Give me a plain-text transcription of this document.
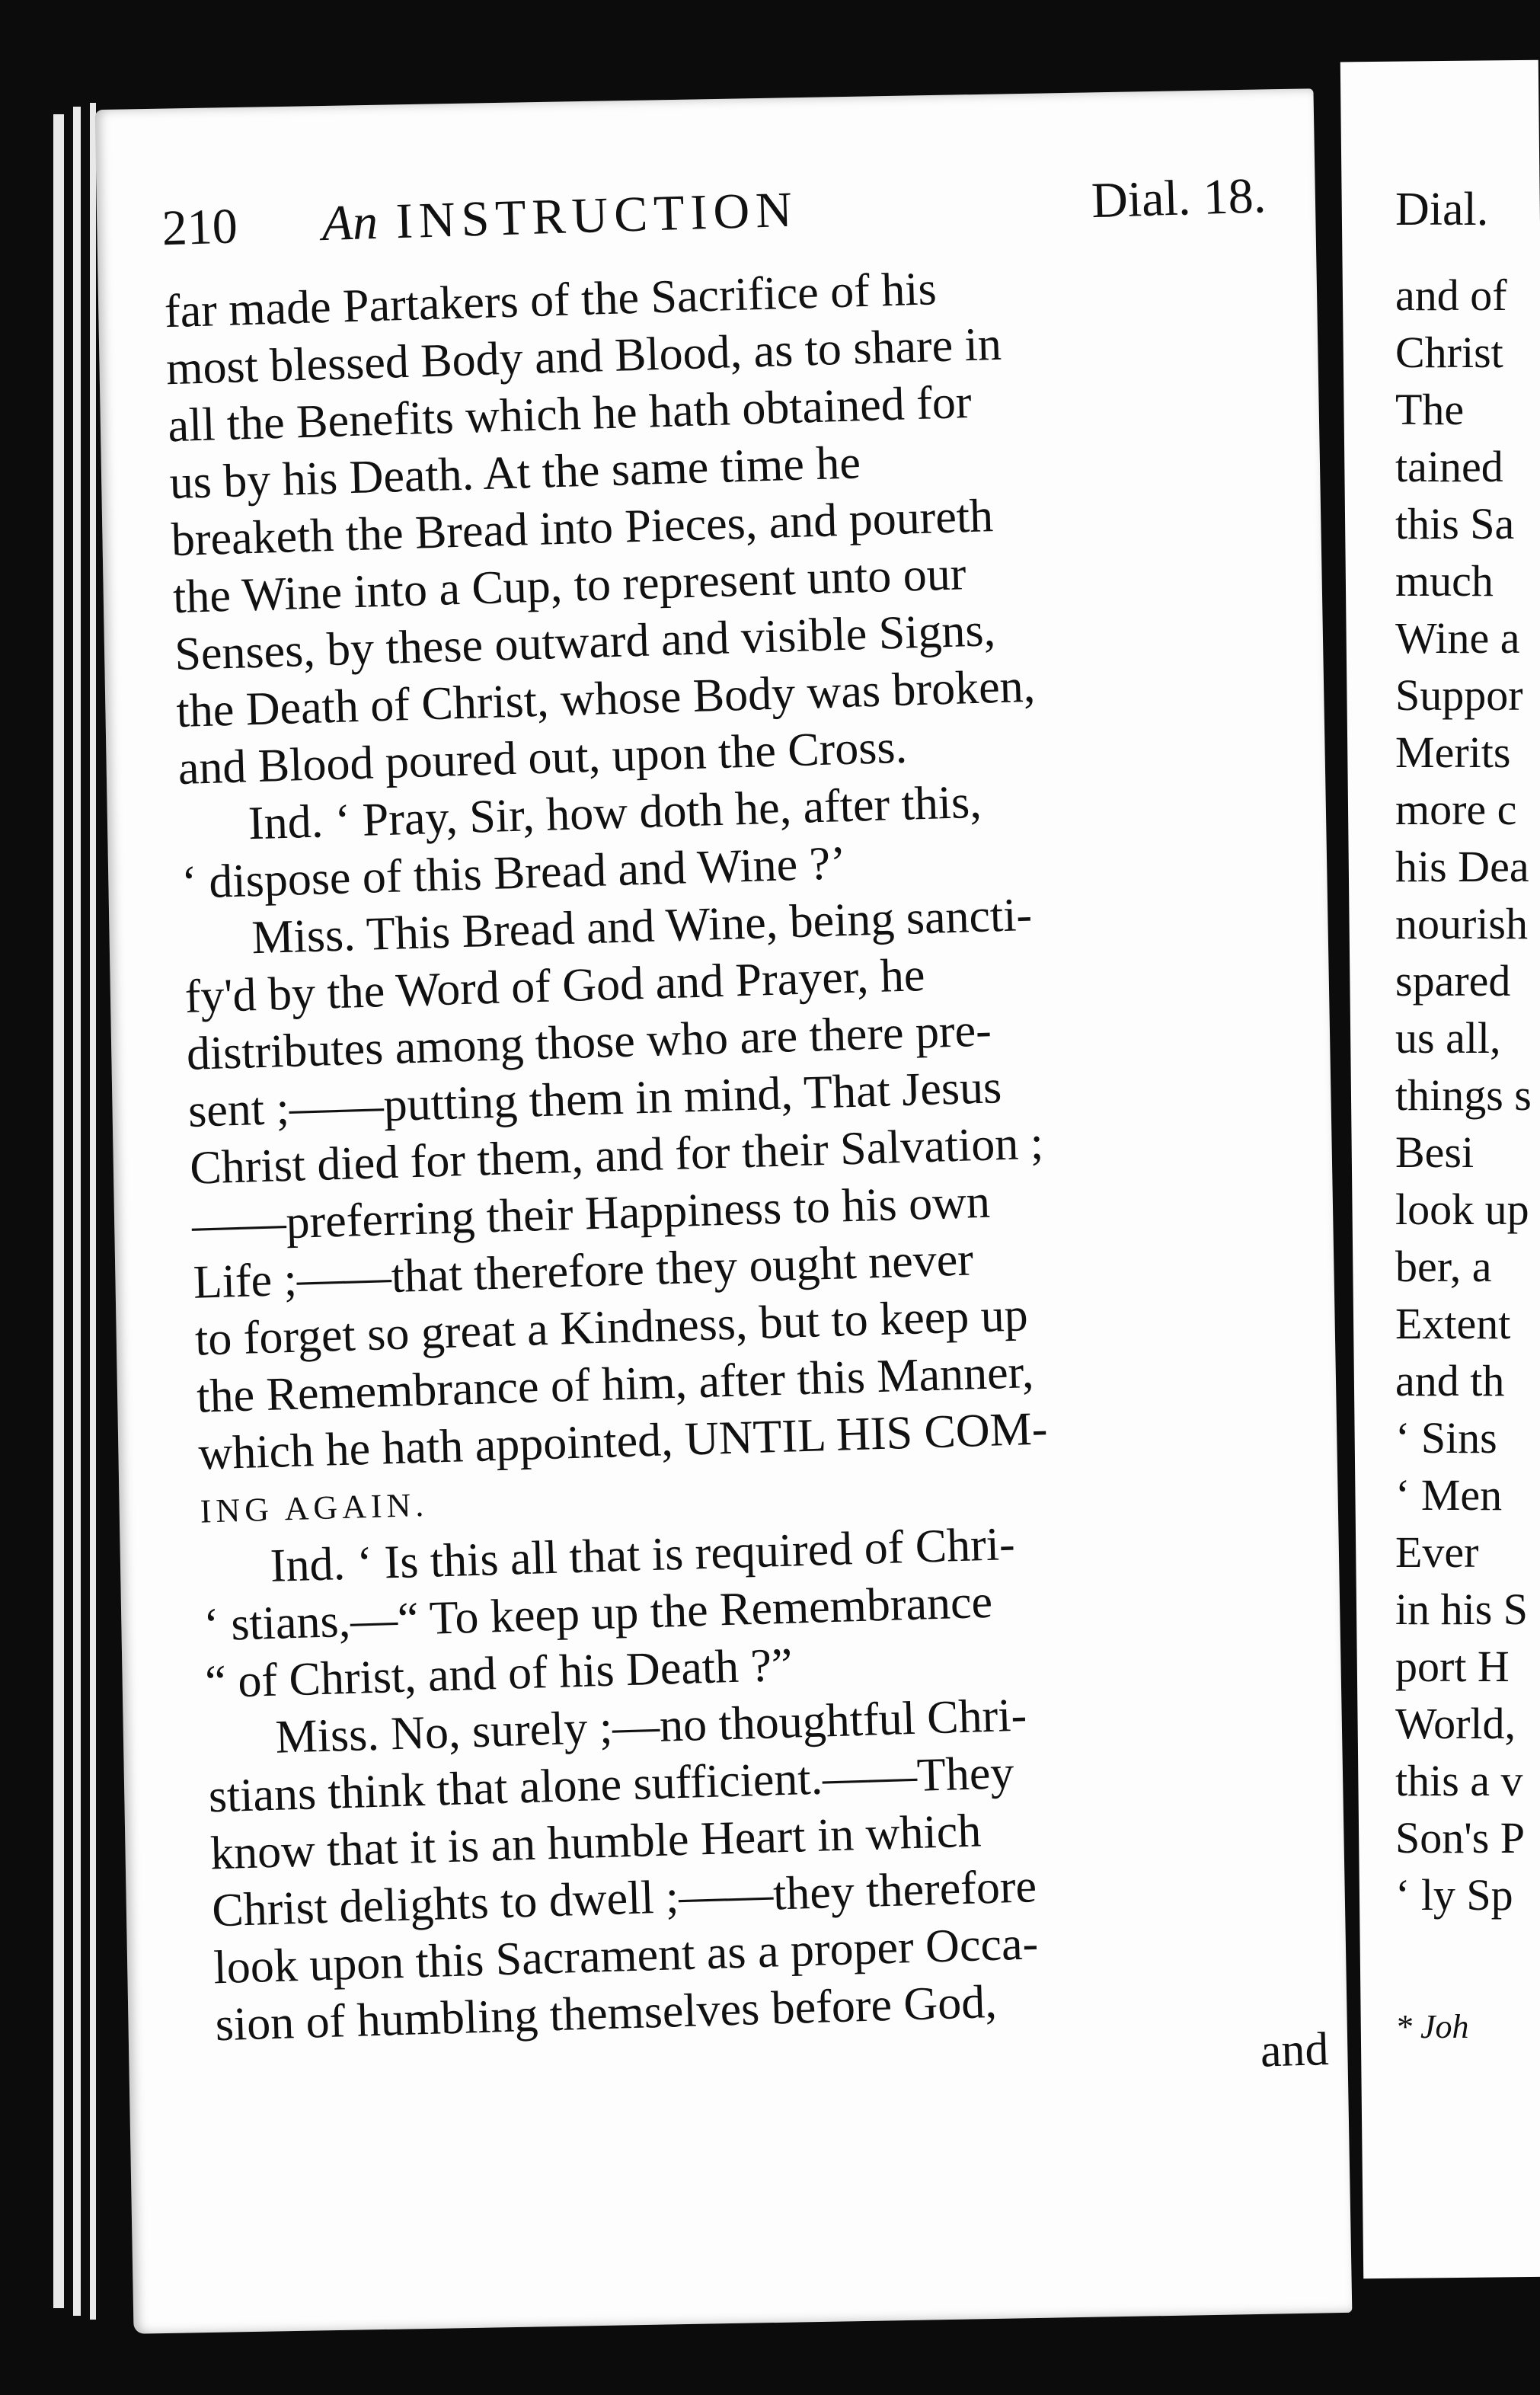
210 An INSTRUCTION	Dial. 18.
far made Partakers of the Sacrifice of his
most blessed Body and Blood, as to share in
all the Benefits which he hath obtained for
us by his Death. At the same time he
breaketh the Bread into Pieces, and poureth
the Wine into a Cup, to represent unto our
Senses, by these outward and visible Signs,
the Death of Christ, whose Body was broken,
and Blood poured out, upon the Cross.
Ind. ‘ Pray, Sir, how doth he, after this,
‘ dispose of this Bread and Wine ?’
Miss. This Bread and Wine, being sancti-
fy'd by the Word of God and Prayer, he
distributes among those who are there pre-
sent ;——putting them in mind, That Jesus
Christ died for them, and for their Salvation ;
——preferring their Happiness to his own
Life ;——that therefore they ought never
to forget so great a Kindness, but to keep up
the Remembrance of him, after this Manner,
which he hath appointed, UNTIL HIS COM-
ING AGAIN.
Ind. ‘ Is this all that is required of Chri-
‘ stians,—“ To keep up the Remembrance
“ of Christ, and of his Death ?”
Miss. No, surely ;—no thoughtful Chri-
stians think that alone sufficient.——They
know that it is an humble Heart in which
Christ delights to dwell ;——they therefore
look upon this Sacrament as a proper Occa-
sion of humbling themselves before God,	and
Dial.
and of
Christ
The
tained
this Sa
much
Wine a
Suppor
Merits
more c
his Dea
nourish
spared
us all,
things s
Besi
look up
ber, a
Extent
and th
‘ Sins
‘ Men
Ever
in his S
port H
World,
this a v
Son's P
‘ ly Sp
* Joh
